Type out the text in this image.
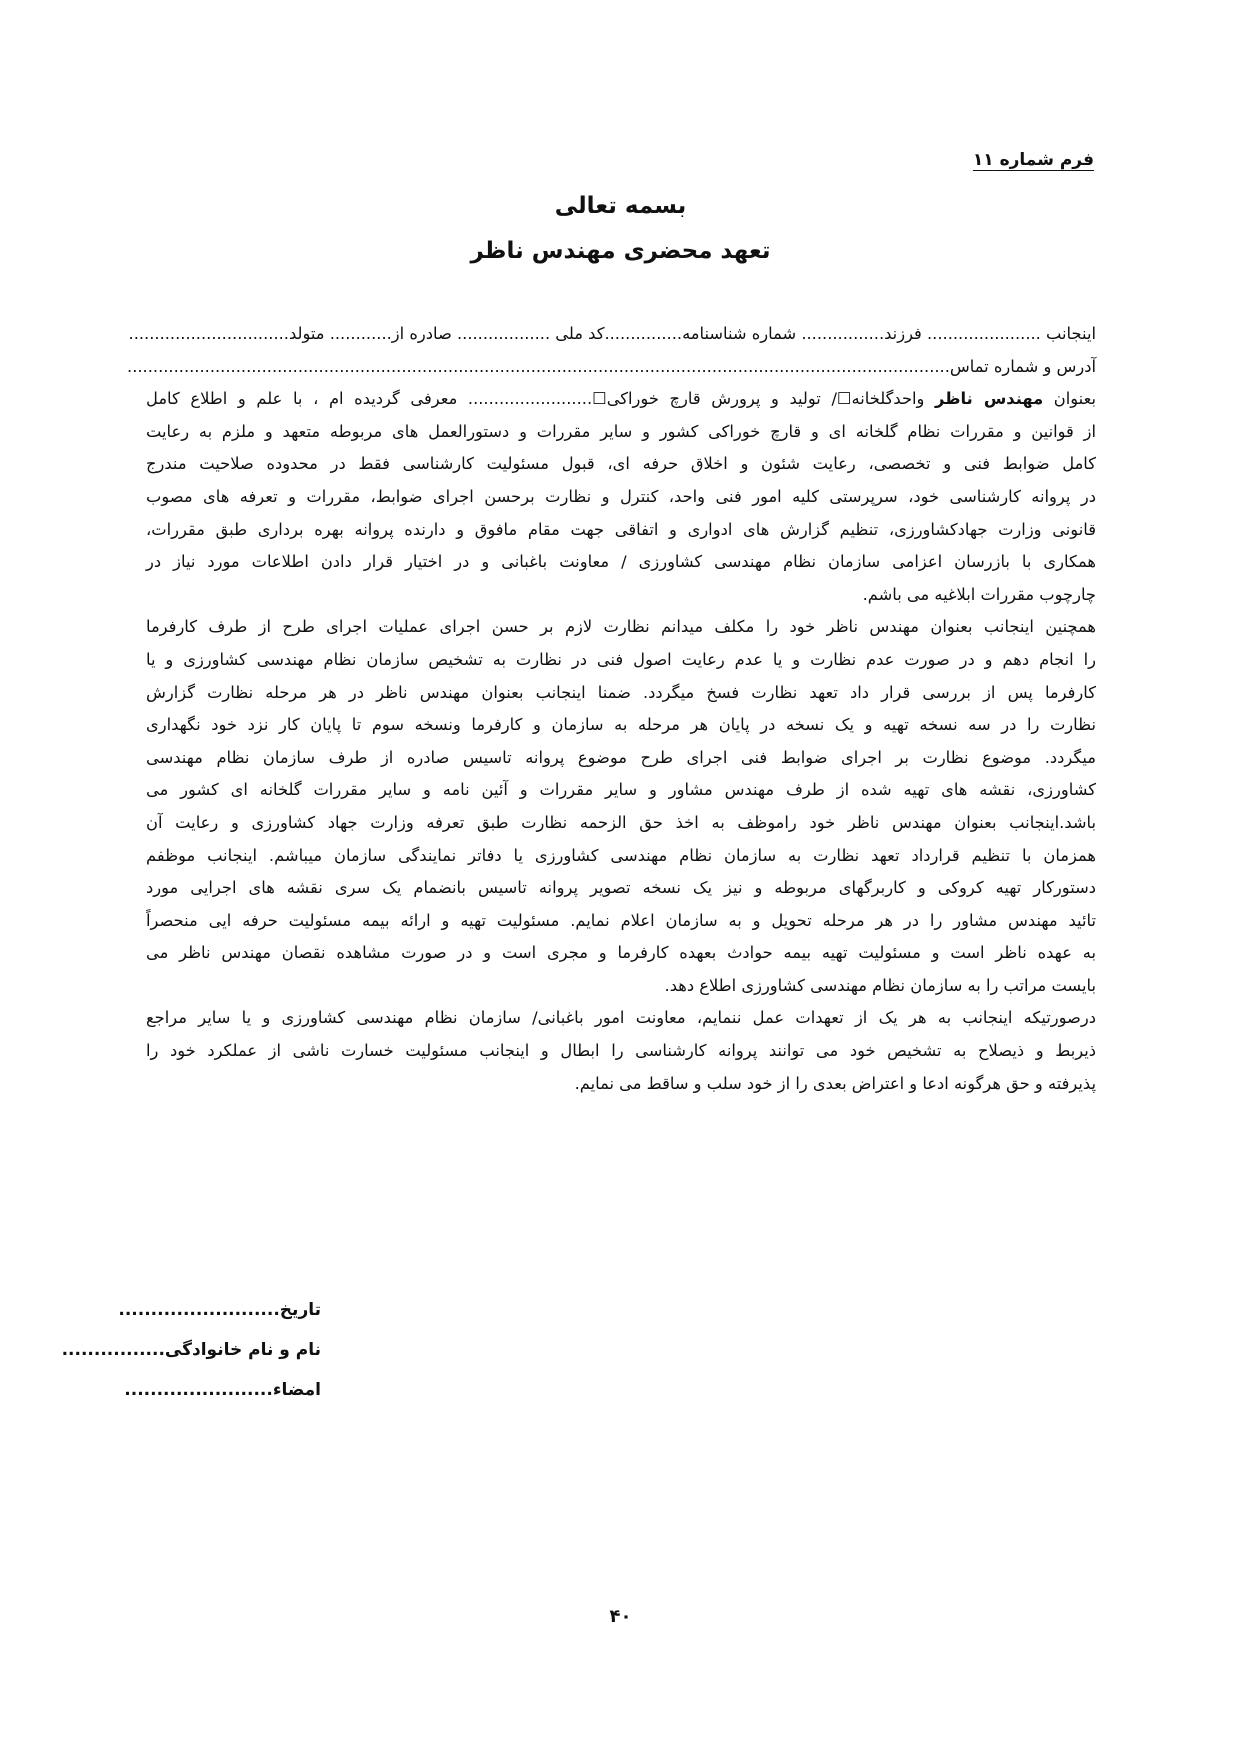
فرم شماره ۱۱
بسمه تعالی
تعهد محضری مهندس ناظر
اینجانب ...................... فرزند................ شماره شناسنامه...............کد ملی .................. صادره از............ متولد...............................
آدرس و شماره تماس...............................................................................................................................................................
بعنوان مهندس ناظر واحدگلخانه☐/ تولید و پرورش قارچ خوراکی☐........................ معرفی گردیده ام ، با علم و اطلاع کامل
از قوانین و مقررات نظام گلخانه ای و قارچ خوراکی کشور و سایر مقررات و دستورالعمل های مربوطه متعهد و ملزم به رعایت
کامل ضوابط فنی و تخصصی، رعایت شئون و اخلاق حرفه ای، قبول مسئولیت کارشناسی فقط در محدوده صلاحیت مندرج
در پروانه کارشناسی خود، سرپرستی کلیه امور فنی واحد، کنترل و نظارت برحسن اجرای ضوابط، مقررات و تعرفه های مصوب
قانونی وزارت جهادکشاورزی، تنظیم گزارش های ادواری و اتفاقی جهت مقام مافوق و دارنده پروانه بهره برداری طبق مقررات،
همکاری با بازرسان اعزامی سازمان نظام مهندسی کشاورزی / معاونت باغبانی و در اختیار قرار دادن اطلاعات مورد نیاز در
چارچوب مقررات ابلاغیه می باشم.
همچنین اینجانب بعنوان مهندس ناظر خود را مکلف میدانم نظارت لازم بر حسن اجرای عملیات اجرای طرح از طرف کارفرما
را انجام دهم و در صورت عدم نظارت و یا عدم رعایت اصول فنی در نظارت به تشخیص سازمان نظام مهندسی کشاورزی و یا
کارفرما پس از بررسی قرار داد تعهد نظارت فسخ میگردد. ضمنا اینجانب بعنوان مهندس ناظر در هر مرحله نظارت گزارش
نظارت را در سه نسخه تهیه و یک نسخه در پایان هر مرحله به سازمان و کارفرما ونسخه سوم تا پایان کار نزد خود نگهداری
میگردد. موضوع نظارت بر اجرای ضوابط فنی اجرای طرح موضوع پروانه تاسیس صادره از طرف سازمان نظام مهندسی
کشاورزی، نقشه های تهیه شده از طرف مهندس مشاور و سایر مقررات و آئین نامه و سایر مقررات گلخانه ای کشور می
باشد.اینجانب بعنوان مهندس ناظر خود راموظف به اخذ حق الزحمه نظارت طبق تعرفه وزارت جهاد کشاورزی و رعایت آن
همزمان با تنظیم قرارداد تعهد نظارت به سازمان نظام مهندسی کشاورزی یا دفاتر نمایندگی سازمان میباشم. اینجانب موظفم
دستورکار تهیه کروکی و کاربرگهای مربوطه و نیز یک نسخه تصویر پروانه تاسیس بانضمام یک سری نقشه های اجرایی مورد
تائید مهندس مشاور را در هر مرحله تحویل و به سازمان اعلام نمایم. مسئولیت تهیه و ارائه بیمه مسئولیت حرفه ایی منحصراً
به عهده ناظر است و مسئولیت تهیه بیمه حوادث بعهده کارفرما و مجری است و در صورت مشاهده نقصان مهندس ناظر می
بایست مراتب را به سازمان نظام مهندسی کشاورزی اطلاع دهد.
درصورتیکه اینجانب به هر یک از تعهدات عمل ننمایم، معاونت امور باغبانی/ سازمان نظام مهندسی کشاورزی و یا سایر مراجع
ذیربط و ذیصلاح به تشخیص خود می توانند پروانه کارشناسی را ابطال و اینجانب مسئولیت خسارت ناشی از عملکرد خود را
پذیرفته و حق هرگونه ادعا و اعتراض بعدی را از خود سلب و ساقط می نمایم.
تاریخ.........................
نام و نام خانوادگی................
امضاء.......................
۴۰
